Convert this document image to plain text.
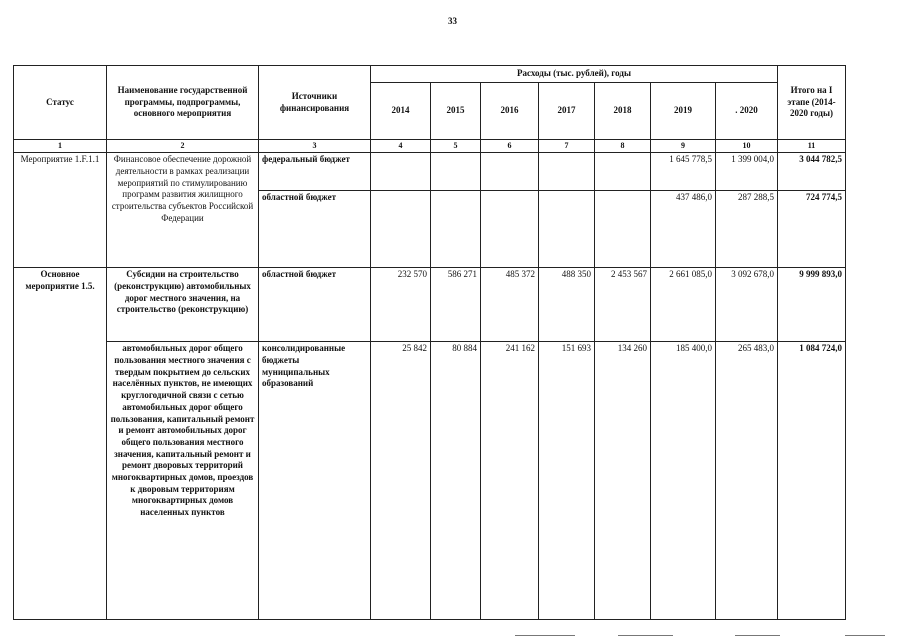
33
Статус	Наименование государственной программы, подпрограммы, основного мероприятия	Источники финансирования	Расходы (тыс. рублей), годы							Итого на I этапе (2014-2020 годы)
			2014	2015	2016	2017	2018	2019	. 2020	
1	2	3	4	5	6	7	8	9	10	11
Мероприятие 1.F.1.1	Финансовое обеспечение дорожной деятельности в рамках реализации мероприятий по стимулированию программ развития жилищного строительства субъектов Российской Федерации	федеральный бюджет						1 645 778,5	1 399 004,0	3 044 782,5
		областной бюджет						437 486,0	287 288,5	724 774,5
Основное мероприятие 1.5.	Субсидии на строительство (реконструкцию) автомобильных дорог местного значения, на строительство (реконструкцию)	областной бюджет	232 570	586 271	485 372	488 350	2 453 567	2 661 085,0	3 092 678,0	9 999 893,0
	автомобильных дорог общего пользования местного значения с твердым покрытием до сельских населённых пунктов, не имеющих круглогодичной связи с сетью автомобильных дорог общего пользования, капитальный ремонт и ремонт автомобильных дорог общего пользования местного значения, капитальный ремонт и ремонт дворовых территорий многоквартирных домов, проездов к дворовым территориям многоквартирных домов населенных пунктов	консолидированные бюджеты муниципальных образований	25 842	80 884	241 162	151 693	134 260	185 400,0	265 483,0	1 084 724,0
